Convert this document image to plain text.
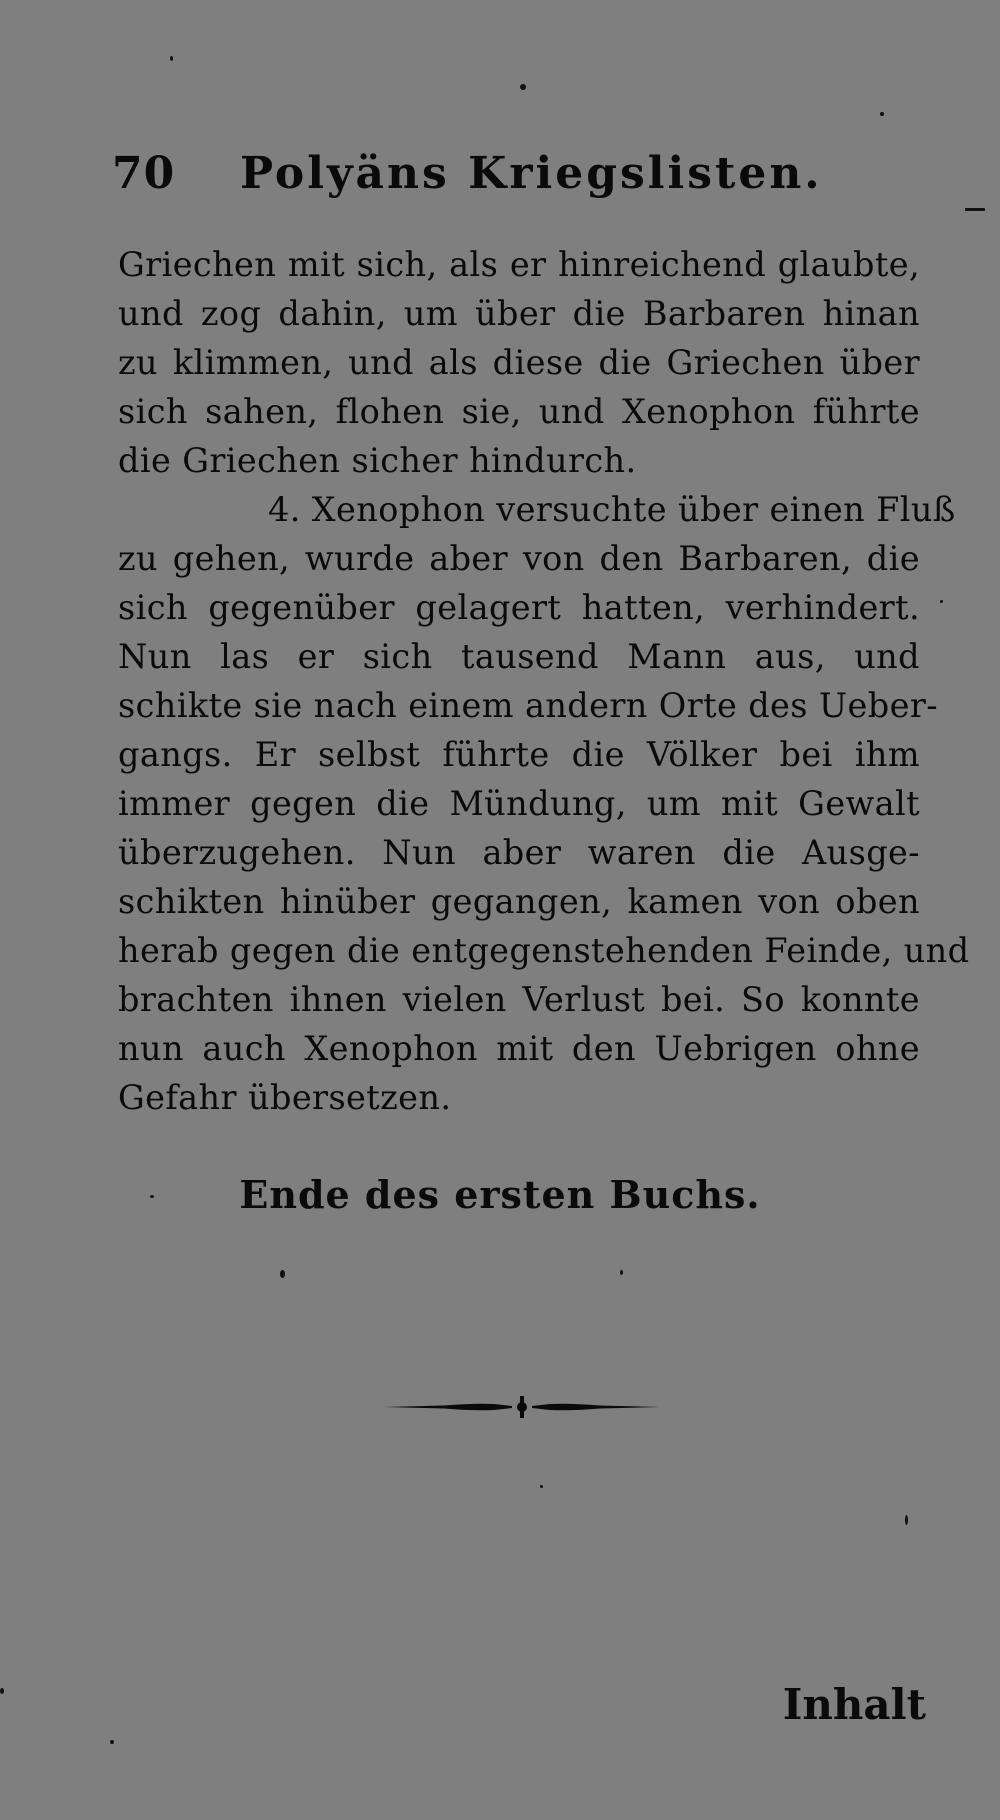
70 Polyäns Kriegslisten.
Griechen mit sich, als er hinreichend glaubte,
und zog dahin, um über die Barbaren hinan
zu klimmen, und als diese die Griechen über
sich sahen, flohen sie, und Xenophon führte
die Griechen sicher hindurch.
4. Xenophon versuchte über einen Fluß
zu gehen, wurde aber von den Barbaren, die
sich gegenüber gelagert hatten, verhindert.
Nun las er sich tausend Mann aus, und
schikte sie nach einem andern Orte des Ueber-
gangs. Er selbst führte die Völker bei ihm
immer gegen die Mündung, um mit Gewalt
überzugehen. Nun aber waren die Ausge-
schikten hinüber gegangen, kamen von oben
herab gegen die entgegenstehenden Feinde, und
brachten ihnen vielen Verlust bei. So konnte
nun auch Xenophon mit den Uebrigen ohne
Gefahr übersetzen.
Ende des ersten Buchs.
Inhalt
